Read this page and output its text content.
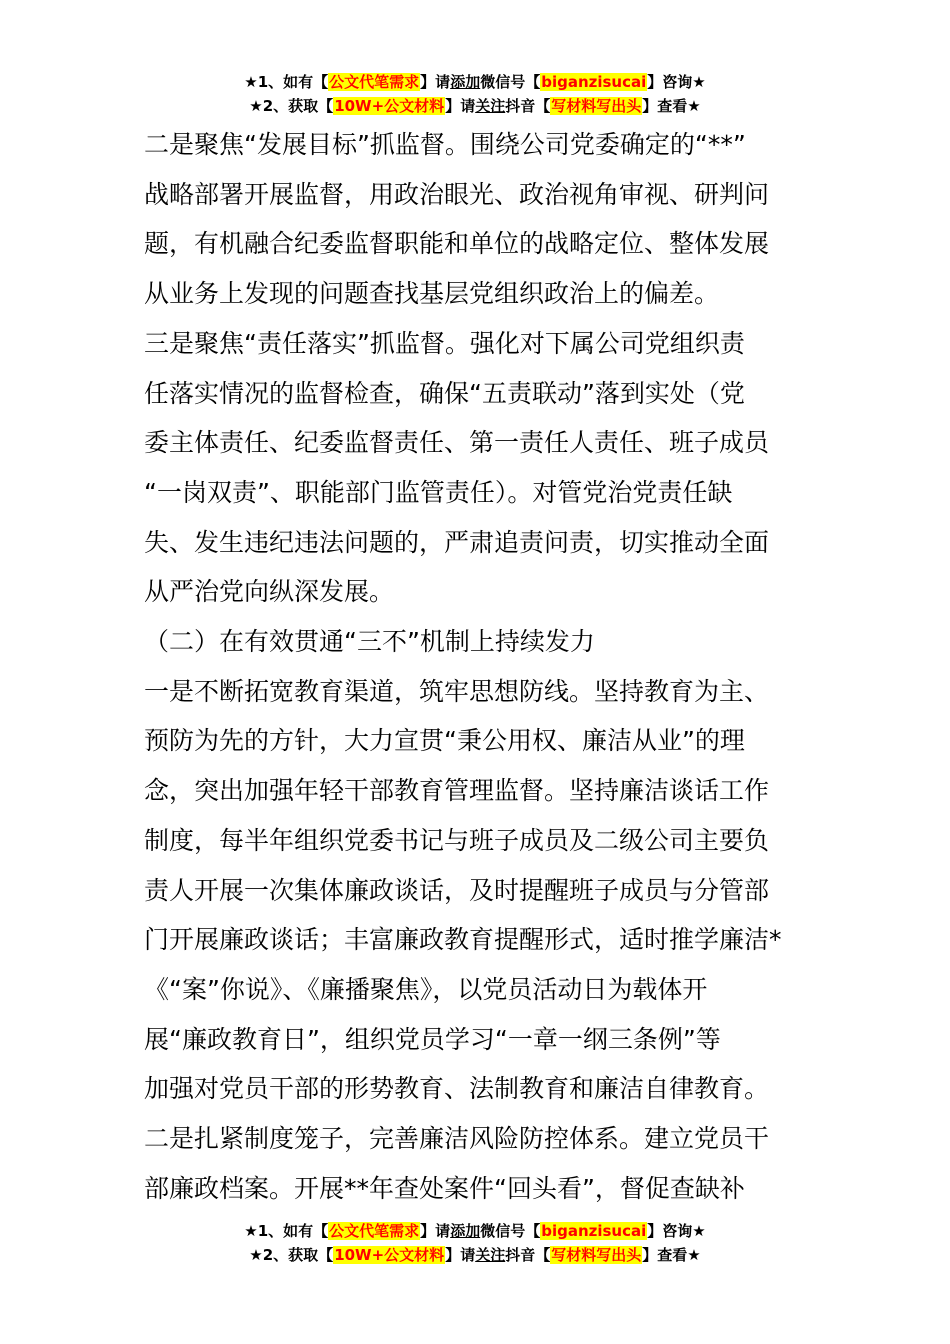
★1、如有【公文代笔需求】请添加微信号【biganzisucai】咨询★
★2、获取【10W+公文材料】请关注抖音【写材料写出头】查看★
二是聚焦“发展目标”抓监督。围绕公司党委确定的“**”
战略部署开展监督，用政治眼光、政治视角审视、研判问
题，有机融合纪委监督职能和单位的战略定位、整体发展
从业务上发现的问题查找基层党组织政治上的偏差。
三是聚焦“责任落实”抓监督。强化对下属公司党组织责
任落实情况的监督检查，确保“五责联动”落到实处（党
委主体责任、纪委监督责任、第一责任人责任、班子成员
“一岗双责”、职能部门监管责任）。对管党治党责任缺
失、发生违纪违法问题的，严肃追责问责，切实推动全面
从严治党向纵深发展。
（二）在有效贯通“三不”机制上持续发力
一是不断拓宽教育渠道，筑牢思想防线。坚持教育为主、
预防为先的方针，大力宣贯“秉公用权、廉洁从业”的理
念，突出加强年轻干部教育管理监督。坚持廉洁谈话工作
制度，每半年组织党委书记与班子成员及二级公司主要负
责人开展一次集体廉政谈话，及时提醒班子成员与分管部
门开展廉政谈话；丰富廉政教育提醒形式，适时推学廉洁*
《“案”你说》、《廉播聚焦》，以党员活动日为载体开
展“廉政教育日”，组织党员学习“一章一纲三条例”等
加强对党员干部的形势教育、法制教育和廉洁自律教育。
二是扎紧制度笼子，完善廉洁风险防控体系。建立党员干
部廉政档案。开展**年查处案件“回头看”，督促查缺补
★1、如有【公文代笔需求】请添加微信号【biganzisucai】咨询★
★2、获取【10W+公文材料】请关注抖音【写材料写出头】查看★
